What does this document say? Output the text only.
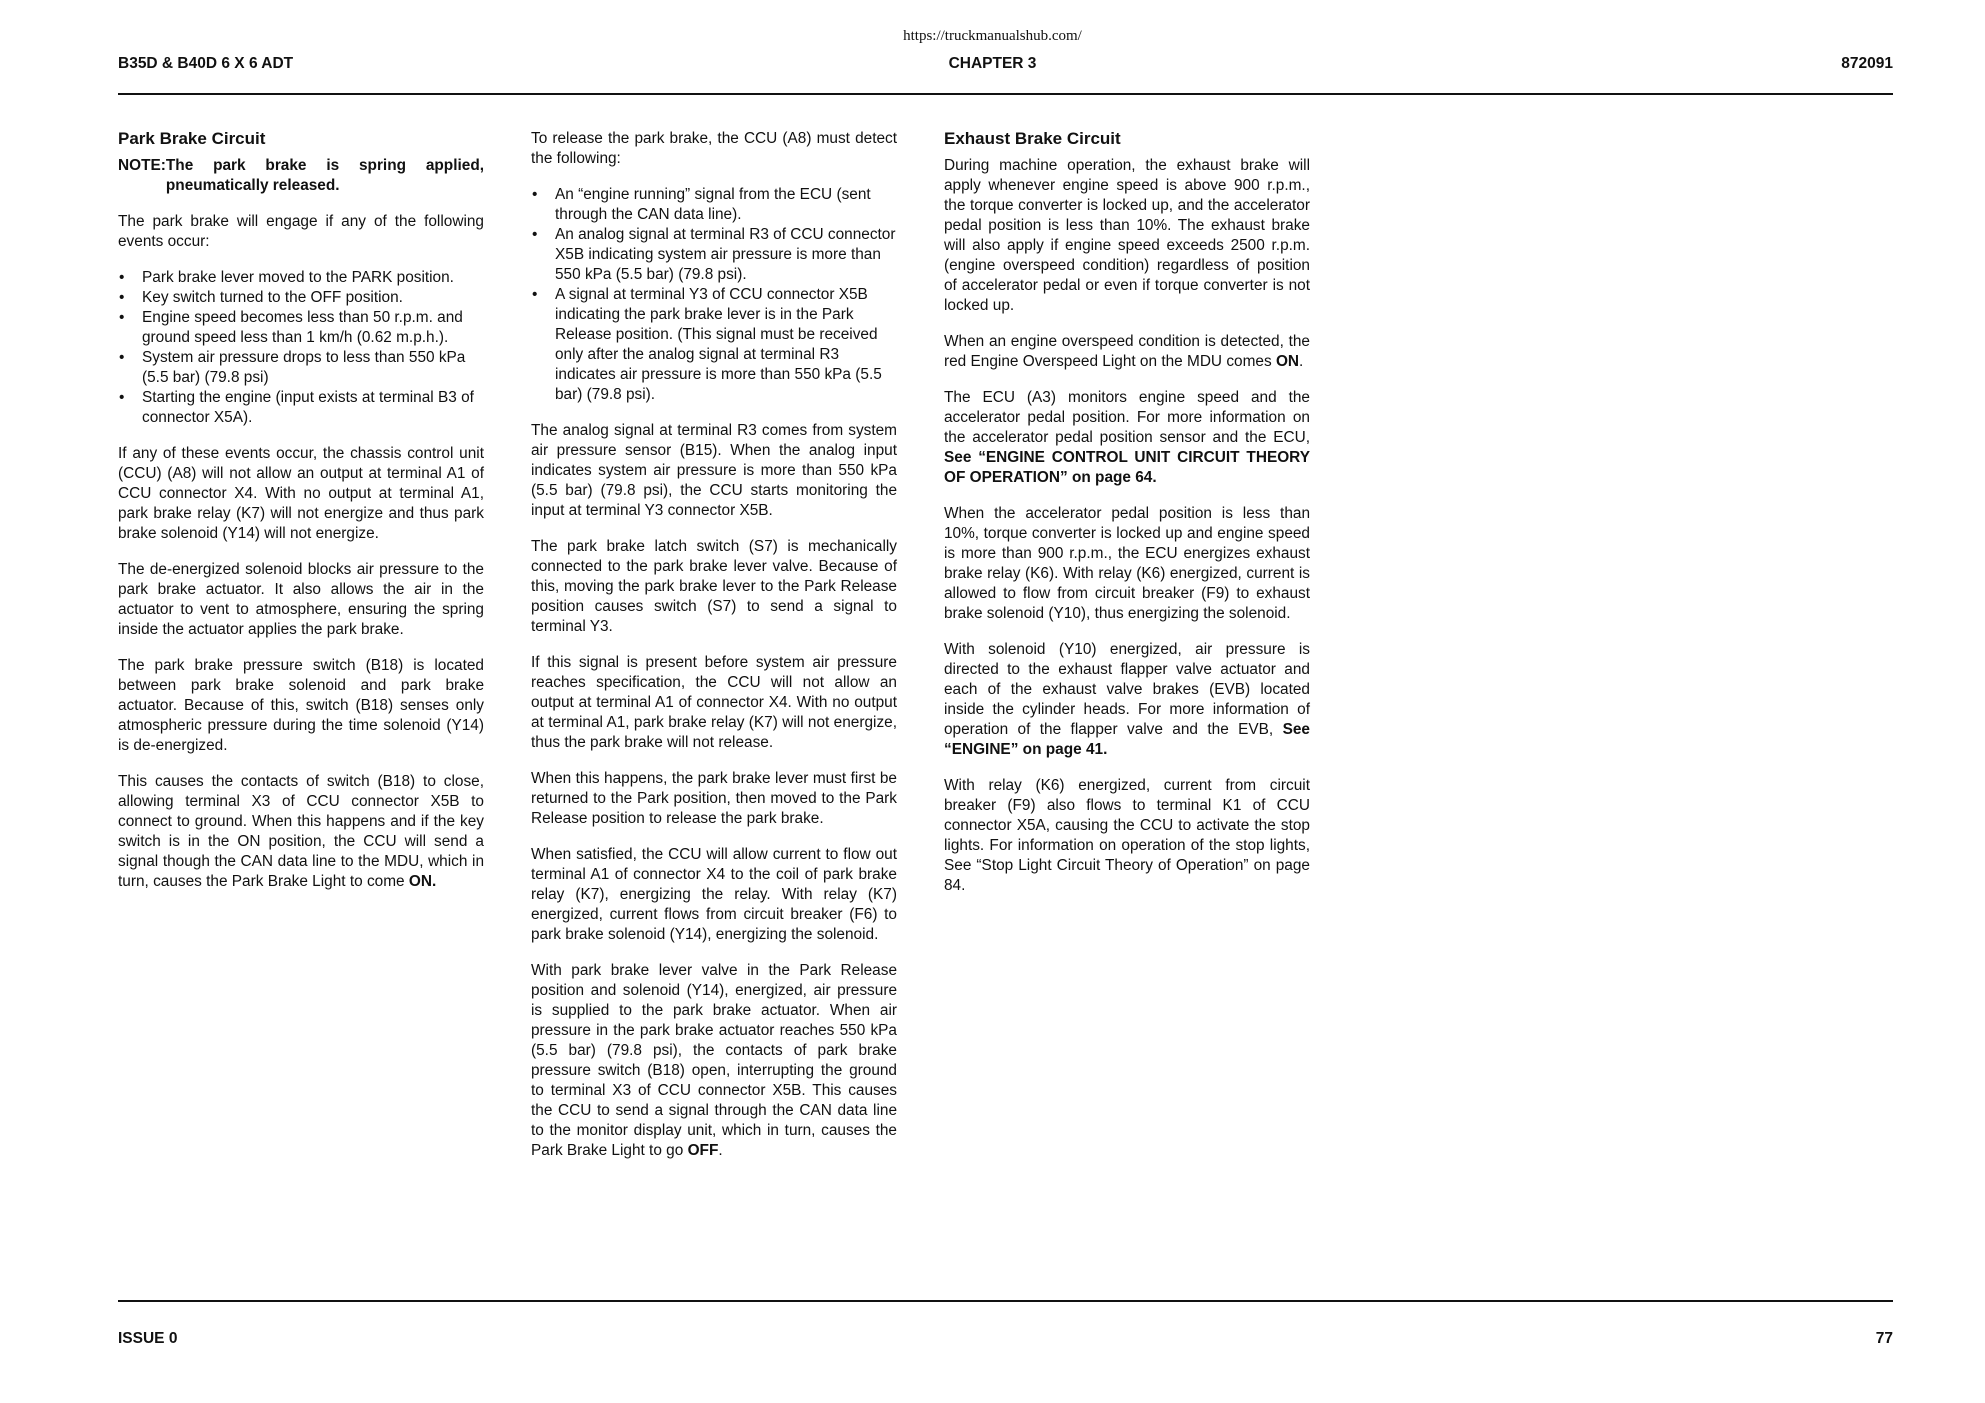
https://truckmanualshub.com/
B35D & B40D 6 X 6 ADT	CHAPTER 3	872091
Park Brake Circuit
NOTE: The park brake is spring applied, pneumatically released.

The park brake will engage if any of the following events occur:

• Park brake lever moved to the PARK position.
• Key switch turned to the OFF position.
• Engine speed becomes less than 50 r.p.m. and ground speed less than 1 km/h (0.62 m.p.h.).
• System air pressure drops to less than 550 kPa (5.5 bar) (79.8 psi)
• Starting the engine (input exists at terminal B3 of connector X5A).

If any of these events occur, the chassis control unit (CCU) (A8) will not allow an output at terminal A1 of CCU connector X4. With no output at terminal A1, park brake relay (K7) will not energize and thus park brake solenoid (Y14) will not energize.

The de-energized solenoid blocks air pressure to the park brake actuator. It also allows the air in the actuator to vent to atmosphere, ensuring the spring inside the actuator applies the park brake.

The park brake pressure switch (B18) is located between park brake solenoid and park brake actuator. Because of this, switch (B18) senses only atmospheric pressure during the time solenoid (Y14) is de-energized.

This causes the contacts of switch (B18) to close, allowing terminal X3 of CCU connector X5B to connect to ground. When this happens and if the key switch is in the ON position, the CCU will send a signal though the CAN data line to the MDU, which in turn, causes the Park Brake Light to come ON.

To release the park brake, the CCU (A8) must detect the following:

• An “engine running” signal from the ECU (sent through the CAN data line).
• An analog signal at terminal R3 of CCU connector X5B indicating system air pressure is more than 550 kPa (5.5 bar) (79.8 psi).
• A signal at terminal Y3 of CCU connector X5B indicating the park brake lever is in the Park Release position. (This signal must be received only after the analog signal at terminal R3 indicates air pressure is more than 550 kPa (5.5 bar) (79.8 psi).

The analog signal at terminal R3 comes from system air pressure sensor (B15). When the analog input indicates system air pressure is more than 550 kPa (5.5 bar) (79.8 psi), the CCU starts monitoring the input at terminal Y3 connector X5B.

The park brake latch switch (S7) is mechanically connected to the park brake lever valve. Because of this, moving the park brake lever to the Park Release position causes switch (S7) to send a signal to terminal Y3.

If this signal is present before system air pressure reaches specification, the CCU will not allow an output at terminal A1 of connector X4. With no output at terminal A1, park brake relay (K7) will not energize, thus the park brake will not release.

When this happens, the park brake lever must first be returned to the Park position, then moved to the Park Release position to release the park brake.

When satisfied, the CCU will allow current to flow out terminal A1 of connector X4 to the coil of park brake relay (K7), energizing the relay. With relay (K7) energized, current flows from circuit breaker (F6) to park brake solenoid (Y14), energizing the solenoid.

With park brake lever valve in the Park Release position and solenoid (Y14), energized, air pressure is supplied to the park brake actuator. When air pressure in the park brake actuator reaches 550 kPa (5.5 bar) (79.8 psi), the contacts of park brake pressure switch (B18) open, interrupting the ground to terminal X3 of CCU connector X5B. This causes the CCU to send a signal through the CAN data line to the monitor display unit, which in turn, causes the Park Brake Light to go OFF.

Exhaust Brake Circuit

During machine operation, the exhaust brake will apply whenever engine speed is above 900 r.p.m., the torque converter is locked up, and the accelerator pedal position is less than 10%. The exhaust brake will also apply if engine speed exceeds 2500 r.p.m. (engine overspeed condition) regardless of position of accelerator pedal or even if torque converter is not locked up.

When an engine overspeed condition is detected, the red Engine Overspeed Light on the MDU comes ON.

The ECU (A3) monitors engine speed and the accelerator pedal position. For more information on the accelerator pedal position sensor and the ECU, See “ENGINE CONTROL UNIT CIRCUIT THEORY OF OPERATION” on page 64.

When the accelerator pedal position is less than 10%, torque converter is locked up and engine speed is more than 900 r.p.m., the ECU energizes exhaust brake relay (K6). With relay (K6) energized, current is allowed to flow from circuit breaker (F9) to exhaust brake solenoid (Y10), thus energizing the solenoid.

With solenoid (Y10) energized, air pressure is directed to the exhaust flapper valve actuator and each of the exhaust valve brakes (EVB) located inside the cylinder heads. For more information of operation of the flapper valve and the EVB, See “ENGINE” on page 41.

With relay (K6) energized, current from circuit breaker (F9) also flows to terminal K1 of CCU connector X5A, causing the CCU to activate the stop lights. For information on operation of the stop lights, See “Stop Light Circuit Theory of Operation” on page 84.

ISSUE 0	77
